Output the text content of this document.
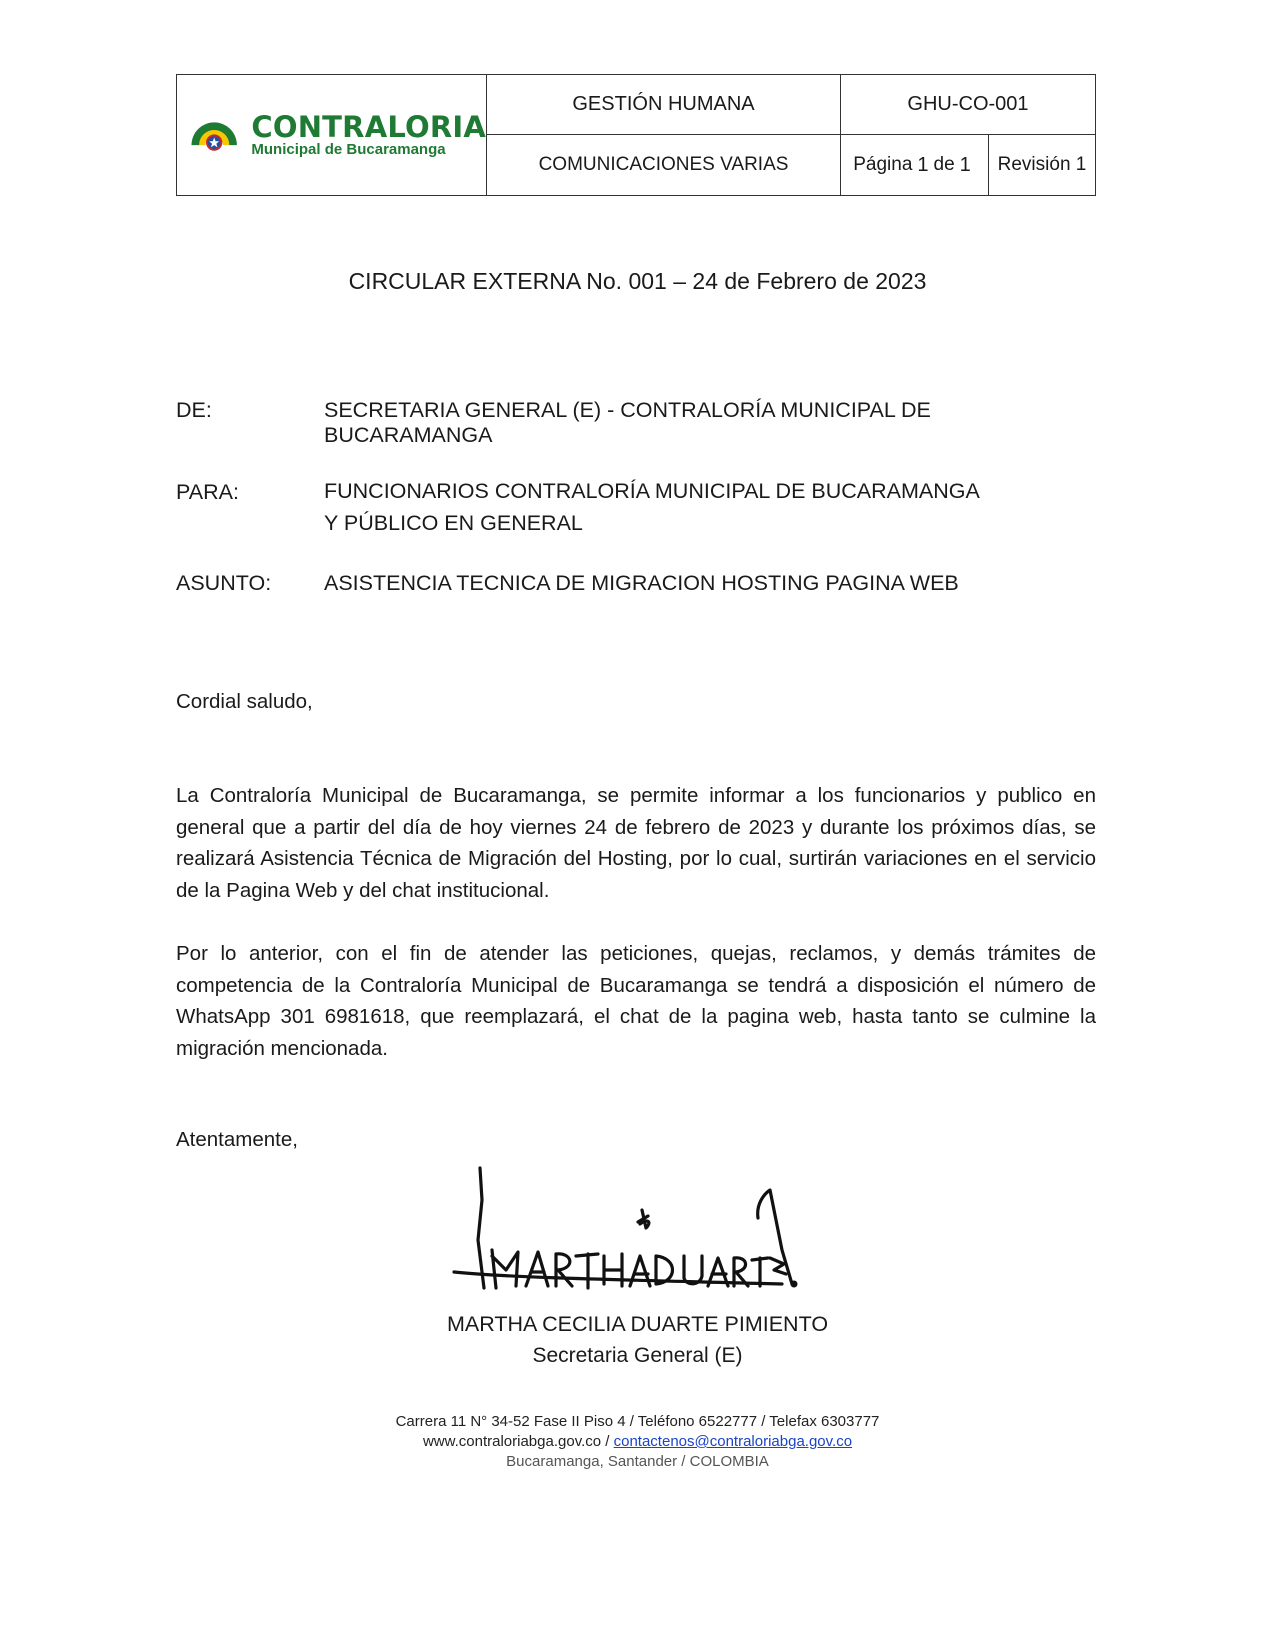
CONTRALORIA
Municipal de Bucaramanga
GESTIÓN HUMANA	GHU-CO-001
COMUNICACIONES VARIAS	Página 1 de 1	Revisión 1
CIRCULAR EXTERNA No. 001 – 24 de Febrero de 2023
DE:	SECRETARIA GENERAL (E) - CONTRALORÍA MUNICIPAL DE BUCARAMANGA
PARA:	FUNCIONARIOS CONTRALORÍA MUNICIPAL DE BUCARAMANGA
Y PÚBLICO EN GENERAL
ASUNTO:	ASISTENCIA TECNICA DE MIGRACION HOSTING PAGINA WEB
Cordial saludo,
La Contraloría Municipal de Bucaramanga, se permite informar a los funcionarios y publico en general que a partir del día de hoy viernes 24 de febrero de 2023 y durante los próximos días, se realizará Asistencia Técnica de Migración del Hosting, por lo cual, surtirán variaciones en el servicio de la Pagina Web y del chat institucional.
Por lo anterior, con el fin de atender las peticiones, quejas, reclamos, y demás trámites de competencia de la Contraloría Municipal de Bucaramanga se tendrá a disposición el número de WhatsApp 301 6981618, que reemplazará, el chat de la pagina web, hasta tanto se culmine la migración mencionada.
Atentamente,
MARTHA CECILIA DUARTE PIMIENTO
Secretaria General (E)
Carrera 11 N° 34-52 Fase II Piso 4 / Teléfono 6522777 / Telefax 6303777
www.contraloriabga.gov.co / contactenos@contraloriabga.gov.co
Bucaramanga, Santander / COLOMBIA
